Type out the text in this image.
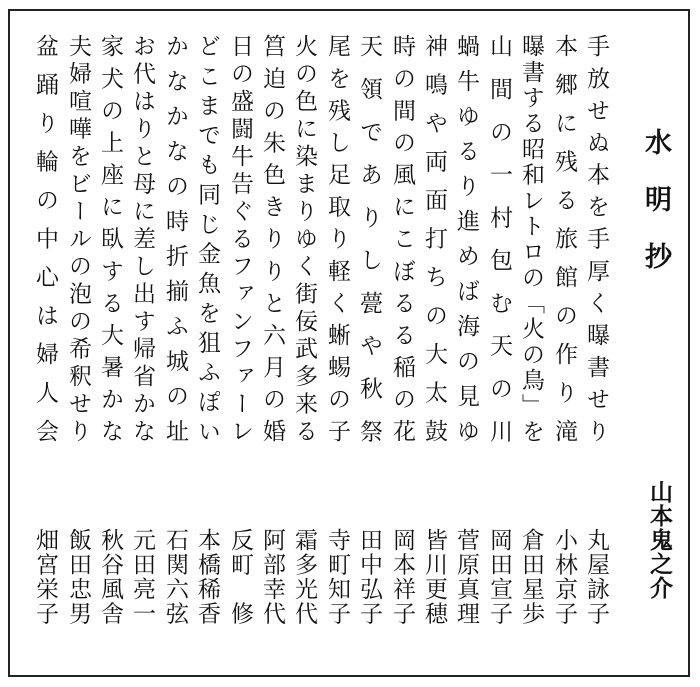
水明抄
山本鬼之介
手放せぬ本を手厚く曝書せり
丸屋詠子
本郷に残る旅館の作り滝
小林京子
曝書する昭和レトロの「火の鳥」を
倉田星歩
山間の一村包む天の川
岡田宣子
蝸牛ゆるり進めば海の見ゆ
菅原真理
神鳴や両面打ちの大太鼓
皆川更穂
時の間の風にこぼるる稲の花
岡本祥子
天領でありし甍や秋祭
田中弘子
尾を残し足取り軽く蜥蜴の子
寺町知子
火の色に染まりゆく街佞武多来る
霜多光代
筥迫の朱色きりりと六月の婚
阿部幸代
日の盛闘牛告ぐるファンファーレ
反町　修
どこまでも同じ金魚を狙ふぽい
本橋稀香
かなかなの時折揃ふ城の址
石関六弦
お代はりと母に差し出す帰省かな
元田亮一
家犬の上座に臥する大暑かな
秋谷風舎
夫婦喧嘩をビールの泡の希釈せり
飯田忠男
盆踊り輪の中心は婦人会
畑宮栄子
